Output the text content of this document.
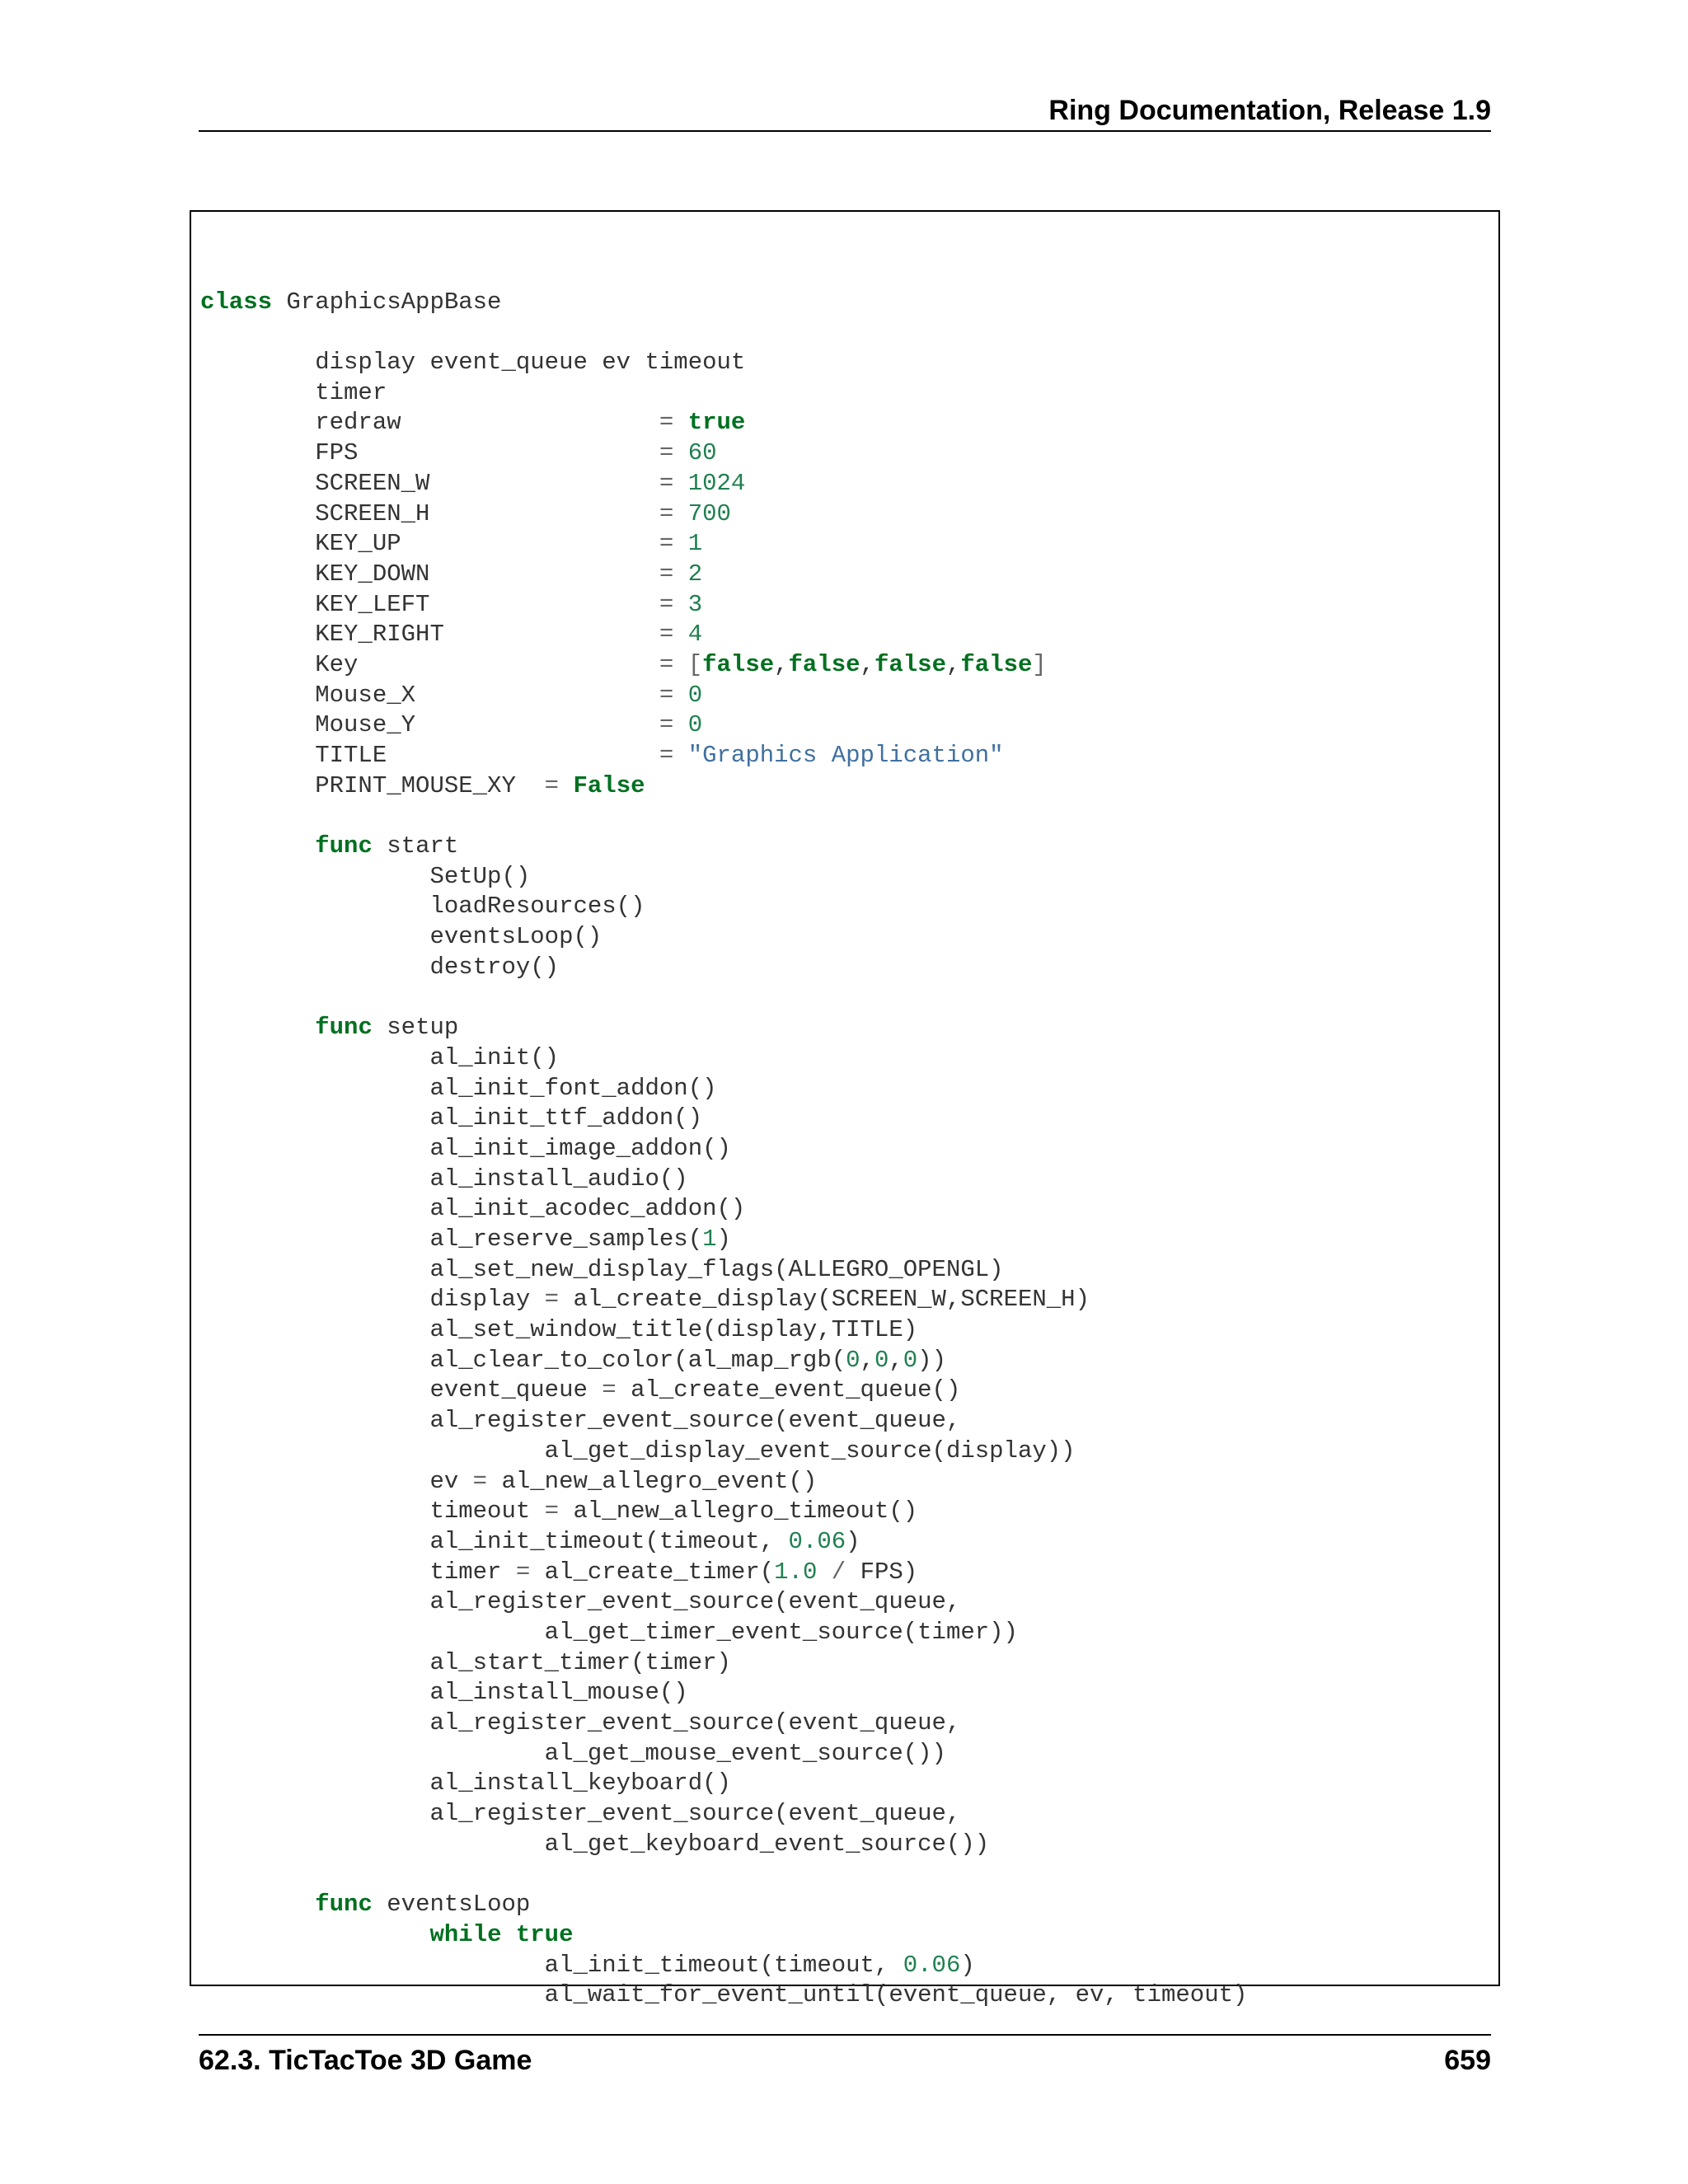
Ring Documentation, Release 1.9
class GraphicsAppBase
display event_queue ev timeout
timer
redraw                  = true
FPS                     = 60
SCREEN_W                = 1024
SCREEN_H                = 700
KEY_UP                  = 1
KEY_DOWN                = 2
KEY_LEFT                = 3
KEY_RIGHT               = 4
Key                     = [false,false,false,false]
Mouse_X                 = 0
Mouse_Y                 = 0
TITLE                   = "Graphics Application"
PRINT_MOUSE_XY  = False
func start
SetUp()
loadResources()
eventsLoop()
destroy()
func setup
al_init()
al_init_font_addon()
al_init_ttf_addon()
al_init_image_addon()
al_install_audio()
al_init_acodec_addon()
al_reserve_samples(1)
al_set_new_display_flags(ALLEGRO_OPENGL)
display = al_create_display(SCREEN_W,SCREEN_H)
al_set_window_title(display,TITLE)
al_clear_to_color(al_map_rgb(0,0,0))
event_queue = al_create_event_queue()
al_register_event_source(event_queue,
al_get_display_event_source(display))
ev = al_new_allegro_event()
timeout = al_new_allegro_timeout()
al_init_timeout(timeout, 0.06)
timer = al_create_timer(1.0 / FPS)
al_register_event_source(event_queue,
al_get_timer_event_source(timer))
al_start_timer(timer)
al_install_mouse()
al_register_event_source(event_queue,
al_get_mouse_event_source())
al_install_keyboard()
al_register_event_source(event_queue,
al_get_keyboard_event_source())
func eventsLoop
while true
al_init_timeout(timeout, 0.06)
al_wait_for_event_until(event_queue, ev, timeout)
62.3. TicTacToe 3D Game	659
